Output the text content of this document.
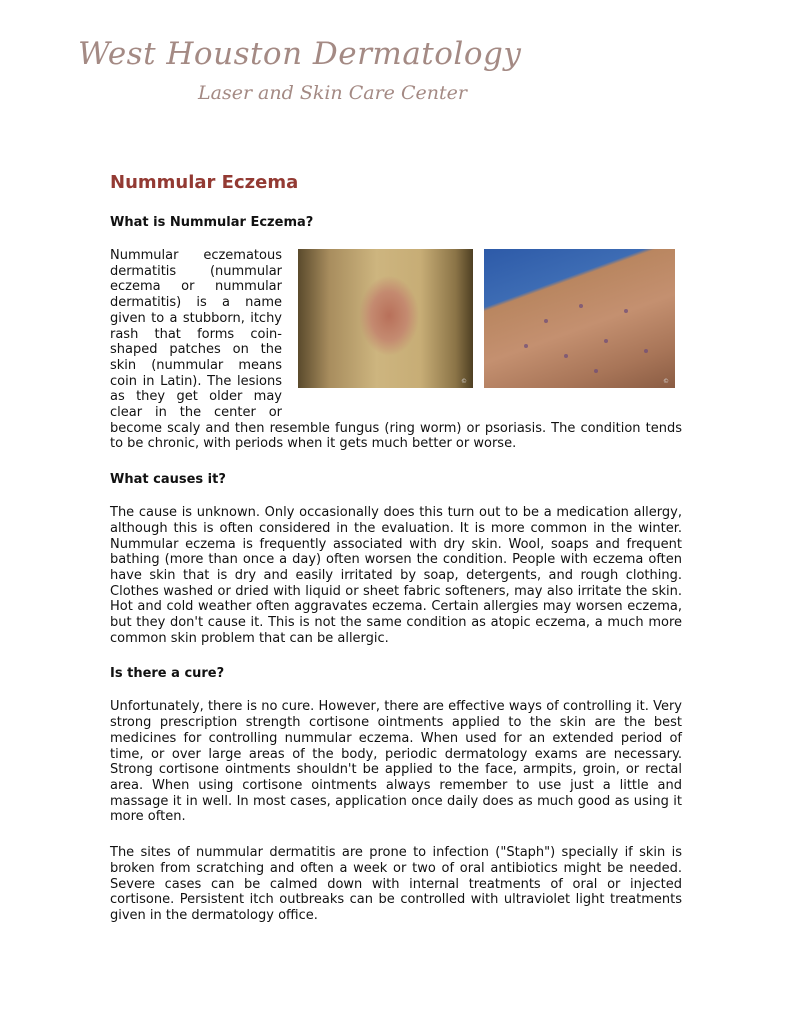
West Houston Dermatology
Laser and Skin Care Center
Nummular Eczema
What is Nummular Eczema?
©	©

Nummular eczematous dermatitis (nummular eczema or nummular dermatitis) is a name given to a stubborn, itchy rash that forms coin-shaped patches on the skin (nummular means coin in Latin). The lesions as they get older may clear in the center or become scaly and then resemble fungus (ring worm) or psoriasis. The condition tends to be chronic, with periods when it gets much better or worse.

What causes it?

The cause is unknown. Only occasionally does this turn out to be a medication allergy, although this is often considered in the evaluation. It is more common in the winter. Nummular eczema is frequently associated with dry skin. Wool, soaps and frequent bathing (more than once a day) often worsen the condition. People with eczema often have skin that is dry and easily irritated by soap, detergents, and rough clothing. Clothes washed or dried with liquid or sheet fabric softeners, may also irritate the skin. Hot and cold weather often aggravates eczema. Certain allergies may worsen eczema, but they don't cause it. This is not the same condition as atopic eczema, a much more common skin problem that can be allergic.

Is there a cure?

Unfortunately, there is no cure. However, there are effective ways of controlling it. Very strong prescription strength cortisone ointments applied to the skin are the best medicines for controlling nummular eczema. When used for an extended period of time, or over large areas of the body, periodic dermatology exams are necessary. Strong cortisone ointments shouldn't be applied to the face, armpits, groin, or rectal area. When using cortisone ointments always remember to use just a little and massage it in well. In most cases, application once daily does as much good as using it more often.

The sites of nummular dermatitis are prone to infection ("Staph") specially if skin is broken from scratching and often a week or two of oral antibiotics might be needed. Severe cases can be calmed down with internal treatments of oral or injected cortisone. Persistent itch outbreaks can be controlled with ultraviolet light treatments given in the dermatology office.
